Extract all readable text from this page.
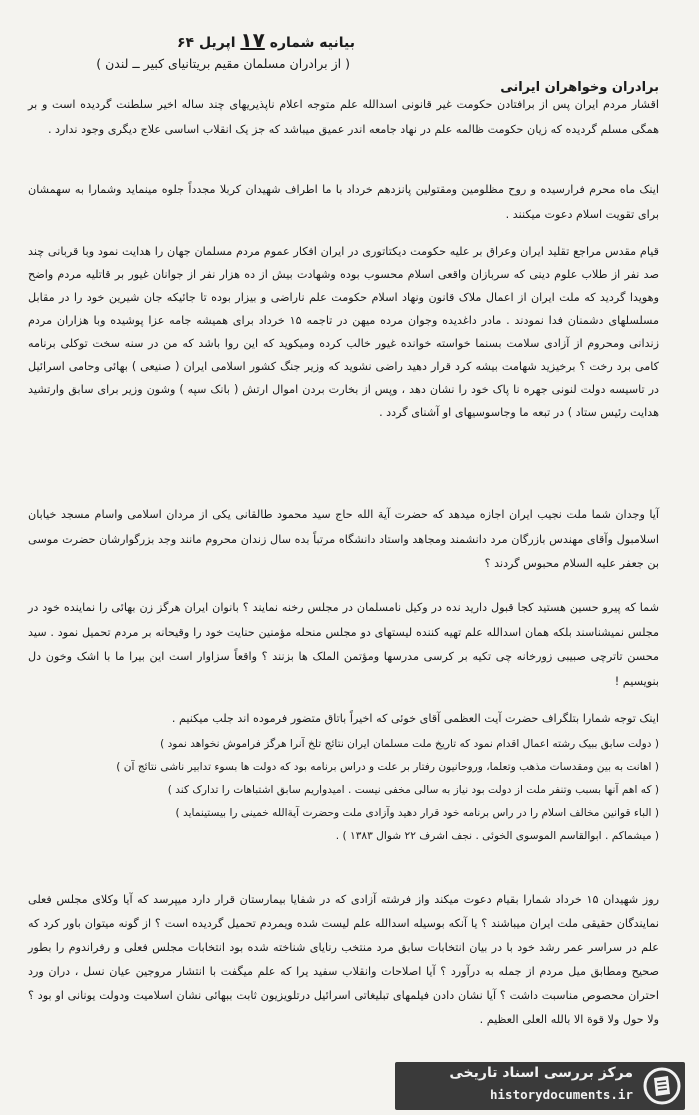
بیانیه شماره ۱۷ اپریل ۶۴
( از برادران مسلمان مقیم بریتانیای کبیر ــ لندن )
برادران وخواهران ایرانی
اقشار مردم ایران پس از برافتادن حکومت غیر قانونی اسدالله علم متوجه اعلام ناپذیریهای چند ساله اخیر سلطنت گردیده است و بر همگی مسلم گردیده که زیان حکومت ظالمه علم در نهاد جامعه اندر عمیق میباشد که جز یک انقلاب اساسی علاج دیگری وجود ندارد .
اینک ماه محرم فرارسیده و روح مظلومین ومقتولین پانزدهم خرداد با ما اطراف شهیدان کربلا مجدداً جلوه مینماید وشمارا به سهمشان برای تقویت اسلام دعوت میکنند .
قیام مقدس مراجع تقلید ایران وعراق بر علیه حکومت دیکتاتوری در ایران افکار عموم مردم مسلمان جهان را هدایت نمود وبا قربانی چند صد نفر از طلاب علوم دینی که سربازان واقعی اسلام محسوب بوده وشهادت بیش از ده هزار نفر از جوانان غیور بر قاتلیه مردم واضح وهویدا گردید که ملت ایران از اعمال ملاک قانون ونهاد اسلام حکومت علم ناراضی و بیزار بوده تا جائیکه جان شیرین خود را در مقابل مسلسلهای دشمنان فدا نمودند . مادر داغدیده وجوان مرده میهن در تاجمه ۱۵ خرداد برای همیشه جامه عزا پوشیده وبا هزاران مردم زندانی ومحروم از آزادی سلامت بسنما خواسته خوانده غیور خالب کرده ومیکوید که این روا باشد که من در سنه سخت توکلی برنامه کامی برد رخت ؟ برخیزید شهامت بیشه کرد قرار دهید راضی نشوید که وزیر جنگ کشور اسلامی ایران ( صنیعی ) بهائی وحامی اسرائیل در تاسیسه دولت لنونی جهره نا پاک خود را نشان دهد ، وپس از بخارت بردن اموال ارتش ( بانک سپه ) وشون وزیر برای سابق وارتشید هدایت رئیس ستاد ) در تبعه ما وجاسوسیهای او آشنای گردد .
آیا وجدان شما ملت نجیب ایران اجازه میدهد که حضرت آیة الله حاج سید محمود طالقانی یکی از مردان اسلامی واسام مسجد خیابان اسلامبول وآقای مهندس بازرگان مرد دانشمند ومجاهد واستاد دانشگاه مرتباً بده سال زندان محروم مانند وجد بزرگوارشان حضرت موسی بن جعفر علیه السلام محبوس گردند ؟
شما که پیرو حسین هستید کجا قبول دارید نده در وکیل نامسلمان در مجلس رخنه نمایند ؟ بانوان ایران هرگز زن بهائی را نماینده خود در مجلس نمیشناسند بلکه همان اسدالله علم تهیه کننده لیستهای دو مجلس منحله مؤمنین حنایت خود را وقیحانه بر مردم تحمیل نمود . سید محسن تاترچی صبیبی زورخانه چی تکیه بر کرسی مدرسها ومؤتمن الملک ها بزنند ؟ واقعاً سزاوار است این بیرا ما با اشک وخون دل بنویسیم !
اینک توجه شمارا بتلگراف حضرت آیت العظمی آقای خوئی که اخیراً باتاق متضور فرموده اند جلب میکنیم .
( دولت سابق ببیک رشته اعمال اقدام نمود که تاریخ ملت مسلمان ایران نتائج تلخ آنرا هرگز فراموش نخواهد نمود )
( اهانت به بین ومقدسات مذهب وتعلما، وروحانیون رفتار بر علت و دراس برنامه بود که دولت ها بسوء تدابیر ناشی نتائج آن )
( که اهم آنها بسبب وتنفر ملت از دولت بود نیاز به سالی مخفی نیست . امیدواریم سابق اشتباهات را تدارک کند )
( الباء قوانین مخالف اسلام را در راس برنامه خود قرار دهید وآزادی ملت وحضرت آیةالله خمینی را بیستینماید )
( میشماکم . ابوالقاسم الموسوی الخوئی . نجف اشرف ۲۲ شوال ۱۳۸۳ ) .
روز شهیدان ۱۵ خرداد شمارا بقیام دعوت میکند واز فرشته آزادی که در شفایا بیمارستان قرار دارد میپرسد که آیا وکلای مجلس فعلی نمایندگان حقیقی ملت ایران میباشند ؟ یا آنکه بوسیله اسدالله علم لیست شده ویمردم تحمیل گردیده است ؟ از گونه میتوان باور کرد که علم در سراسر عمر رشد خود با در بیان انتخابات سابق مرد منتخب رنایای شناخته شده بود انتخابات مجلس فعلی و رفراندوم را بطور صحیح ومطابق میل مردم از جمله به درآورد ؟ آیا اصلاحات وانقلاب سفید یرا که علم میگفت با انتشار مروجین عیان نسل ، دران ورد احتران محصوص مناسبت داشت ؟ آیا نشان دادن فیلمهای تبلیغاتی اسرائیل درتلویزیون ثابت ببهائی نشان اسلامیت ودولت یونانی او بود ؟ ولا حول ولا قوة الا بالله العلی العظیم .
مرکز بررسی اسناد تاریخی
historydocuments.ir
